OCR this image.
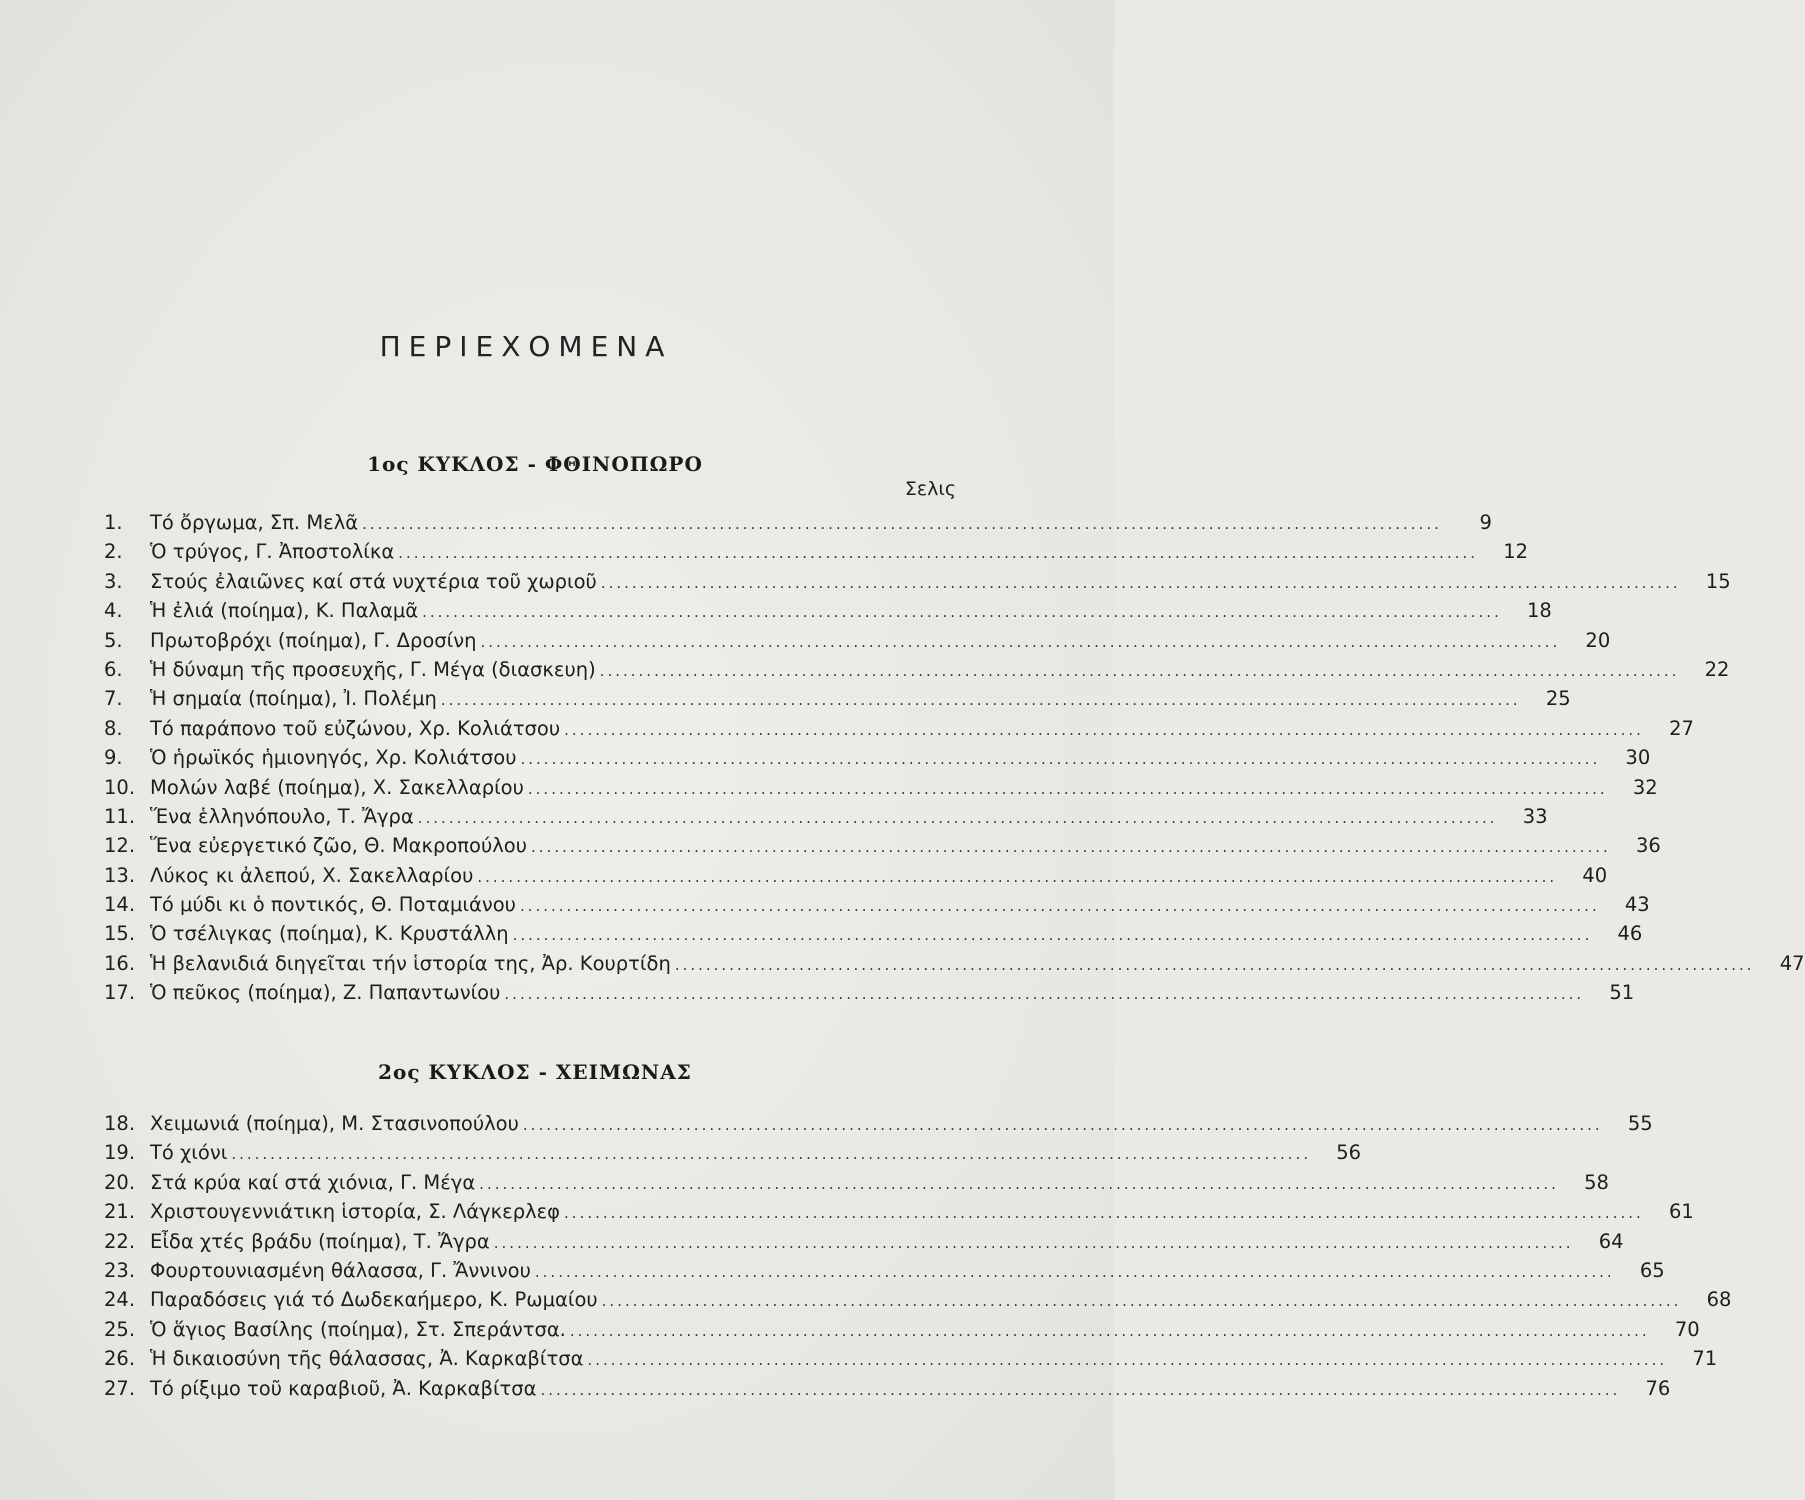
ΠΕΡΙΕΧΟΜΕΝΑ
1ος ΚΥΚΛΟΣ - ΦΘΙΝΟΠΩΡΟ
Σελις
1.	Τό ὄργωμα, Σπ. Μελᾶ ...........................................................................................................................................	9
2.	Ὁ τρύγος, Γ. Ἀποστολίκα ...........................................................................................................................................	12
3.	Στούς ἐλαιῶνες καί στά νυχτέρια τοῦ χωριοῦ ...........................................................................................................................................	15
4.	Ἡ ἐλιά (ποίημα), Κ. Παλαμᾶ ...........................................................................................................................................	18
5.	Πρωτοβρόχι (ποίημα), Γ. Δροσίνη ...........................................................................................................................................	20
6.	Ἡ δύναμη τῆς προσευχῆς, Γ. Μέγα (διασκευη) ...........................................................................................................................................	22
7.	Ἡ σημαία (ποίημα), Ἰ. Πολέμη ...........................................................................................................................................	25
8.	Τό παράπονο τοῦ εὐζώνου, Χρ. Κολιάτσου ...........................................................................................................................................	27
9.	Ὁ ἡρωϊκός ἡμιονηγός, Χρ. Κολιάτσου ...........................................................................................................................................	30
10. Μολών λαβέ (ποίημα), Χ. Σακελλαρίου ...........................................................................................................................................	32
11. Ἕνα ἑλληνόπουλο, Τ. Ἄγρα ...........................................................................................................................................	33
12. Ἕνα εὐεργετικό ζῶο, Θ. Μακροπούλου ...........................................................................................................................................	36
13. Λύκος κι ἀλεπού, Χ. Σακελλαρίου ...........................................................................................................................................	40
14. Τό μύδι κι ὁ ποντικός, Θ. Ποταμιάνου ...........................................................................................................................................	43
15. Ὁ τσέλιγκας (ποίημα), Κ. Κρυστάλλη ...........................................................................................................................................	46
16. Ἡ βελανιδιά διηγεῖται τήν ἱστορία της, Ἀρ. Κουρτίδη ...........................................................................................................................................	47
17. Ὁ πεῦκος (ποίημα), Ζ. Παπαντωνίου ...........................................................................................................................................	51
2ος ΚΥΚΛΟΣ - ΧΕΙΜΩΝΑΣ
18. Χειμωνιά (ποίημα), Μ. Στασινοπούλου ...........................................................................................................................................	55
19. Τό χιόνι ...........................................................................................................................................	56
20. Στά κρύα καί στά χιόνια, Γ. Μέγα ...........................................................................................................................................	58
21. Χριστουγεννιάτικη ἱστορία, Σ. Λάγκερλεφ ...........................................................................................................................................	61
22. Εἶδα χτές βράδυ (ποίημα), Τ. Ἄγρα ...........................................................................................................................................	64
23. Φουρτουνιασμένη θάλασσα, Γ. Ἄννινου ...........................................................................................................................................	65
24. Παραδόσεις γιά τό Δωδεκαήμερο, Κ. Ρωμαίου ...........................................................................................................................................	68
25. Ὁ ἅγιος Βασίλης (ποίημα), Στ. Σπεράντσα. ...........................................................................................................................................	70
26. Ἡ δικαιοσύνη τῆς θάλασσας, Ἀ. Καρκαβίτσα ...........................................................................................................................................	71
27. Τό ρίξιμο τοῦ καραβιοῦ, Ἀ. Καρκαβίτσα ...........................................................................................................................................	76
